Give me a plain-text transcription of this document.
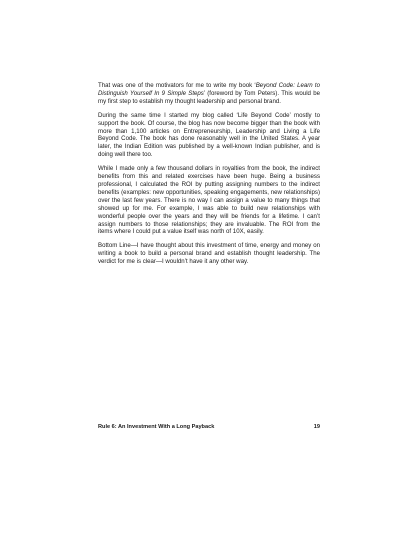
That was one of the motivators for me to write my book ‘Beyond Code: Learn to Distinguish Yourself In 9 Simple Steps’ (foreword by Tom Peters). This would be my first step to establish my thought leadership and personal brand.

During the same time I started my blog called ‘Life Beyond Code’ mostly to support the book. Of course, the blog has now become bigger than the book with more than 1,100 articles on Entrepreneurship, Leadership and Living a Life Beyond Code. The book has done reasonably well in the United States. A year later, the Indian Edition was published by a well-known Indian publisher, and is doing well there too.

While I made only a few thousand dollars in royalties from the book, the indirect benefits from this and related exercises have been huge. Being a business professional, I calculated the ROI by putting assigning numbers to the indirect benefits (examples: new opportunities, speaking engagements, new relationships) over the last few years. There is no way I can assign a value to many things that showed up for me. For example, I was able to build new relationships with wonderful people over the years and they will be friends for a lifetime. I can’t assign numbers to those relationships; they are invaluable. The ROI from the items where I could put a value itself was north of 10X, easily.

Bottom Line—I have thought about this investment of time, energy and money on writing a book to build a personal brand and establish thought leadership. The verdict for me is clear—I wouldn’t have it any other way.

Rule 6: An Investment With a Long Payback	19
